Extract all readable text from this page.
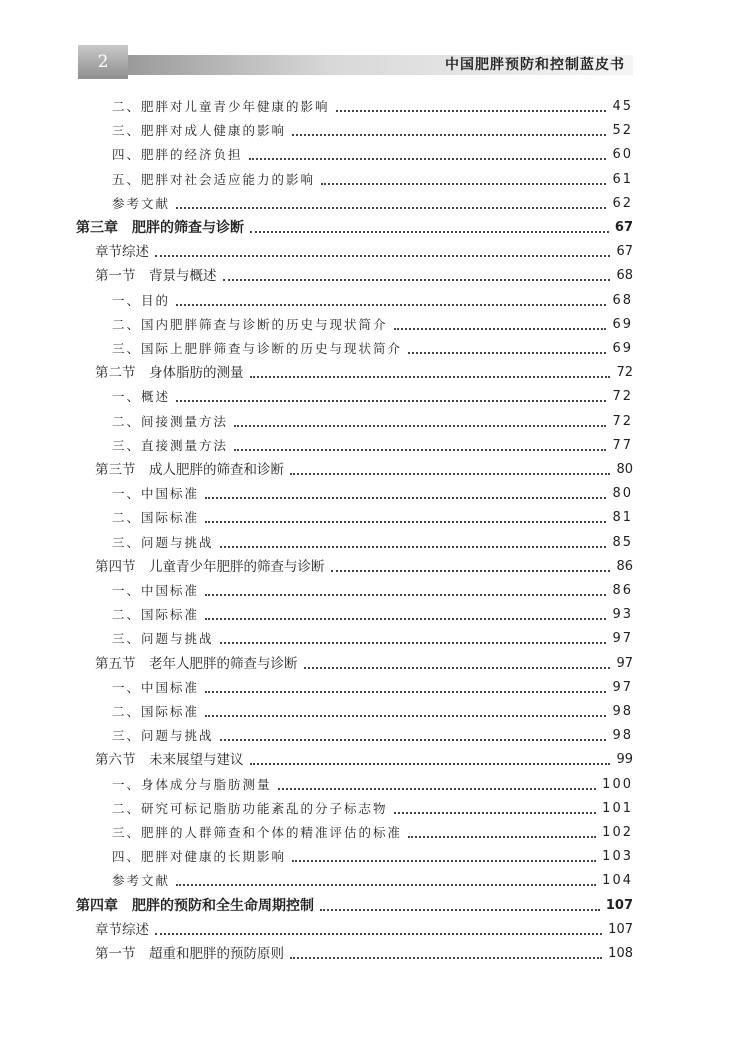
2	中国肥胖预防和控制蓝皮书
二、肥胖对儿童青少年健康的影响	45
三、肥胖对成人健康的影响	52
四、肥胖的经济负担	60
五、肥胖对社会适应能力的影响	61
参考文献	62
第三章　肥胖的筛查与诊断	67
章节综述	67
第一节　背景与概述	68
一、目的	68
二、国内肥胖筛查与诊断的历史与现状简介	69
三、国际上肥胖筛查与诊断的历史与现状简介	69
第二节　身体脂肪的测量	72
一、概述	72
二、间接测量方法	72
三、直接测量方法	77
第三节　成人肥胖的筛查和诊断	80
一、中国标准	80
二、国际标准	81
三、问题与挑战	85
第四节　儿童青少年肥胖的筛查与诊断	86
一、中国标准	86
二、国际标准	93
三、问题与挑战	97
第五节　老年人肥胖的筛查与诊断	97
一、中国标准	97
二、国际标准	98
三、问题与挑战	98
第六节　未来展望与建议	99
一、身体成分与脂肪测量	100
二、研究可标记脂肪功能紊乱的分子标志物	101
三、肥胖的人群筛查和个体的精准评估的标准	102
四、肥胖对健康的长期影响	103
参考文献	104
第四章　肥胖的预防和全生命周期控制	107
章节综述	107
第一节　超重和肥胖的预防原则	108
